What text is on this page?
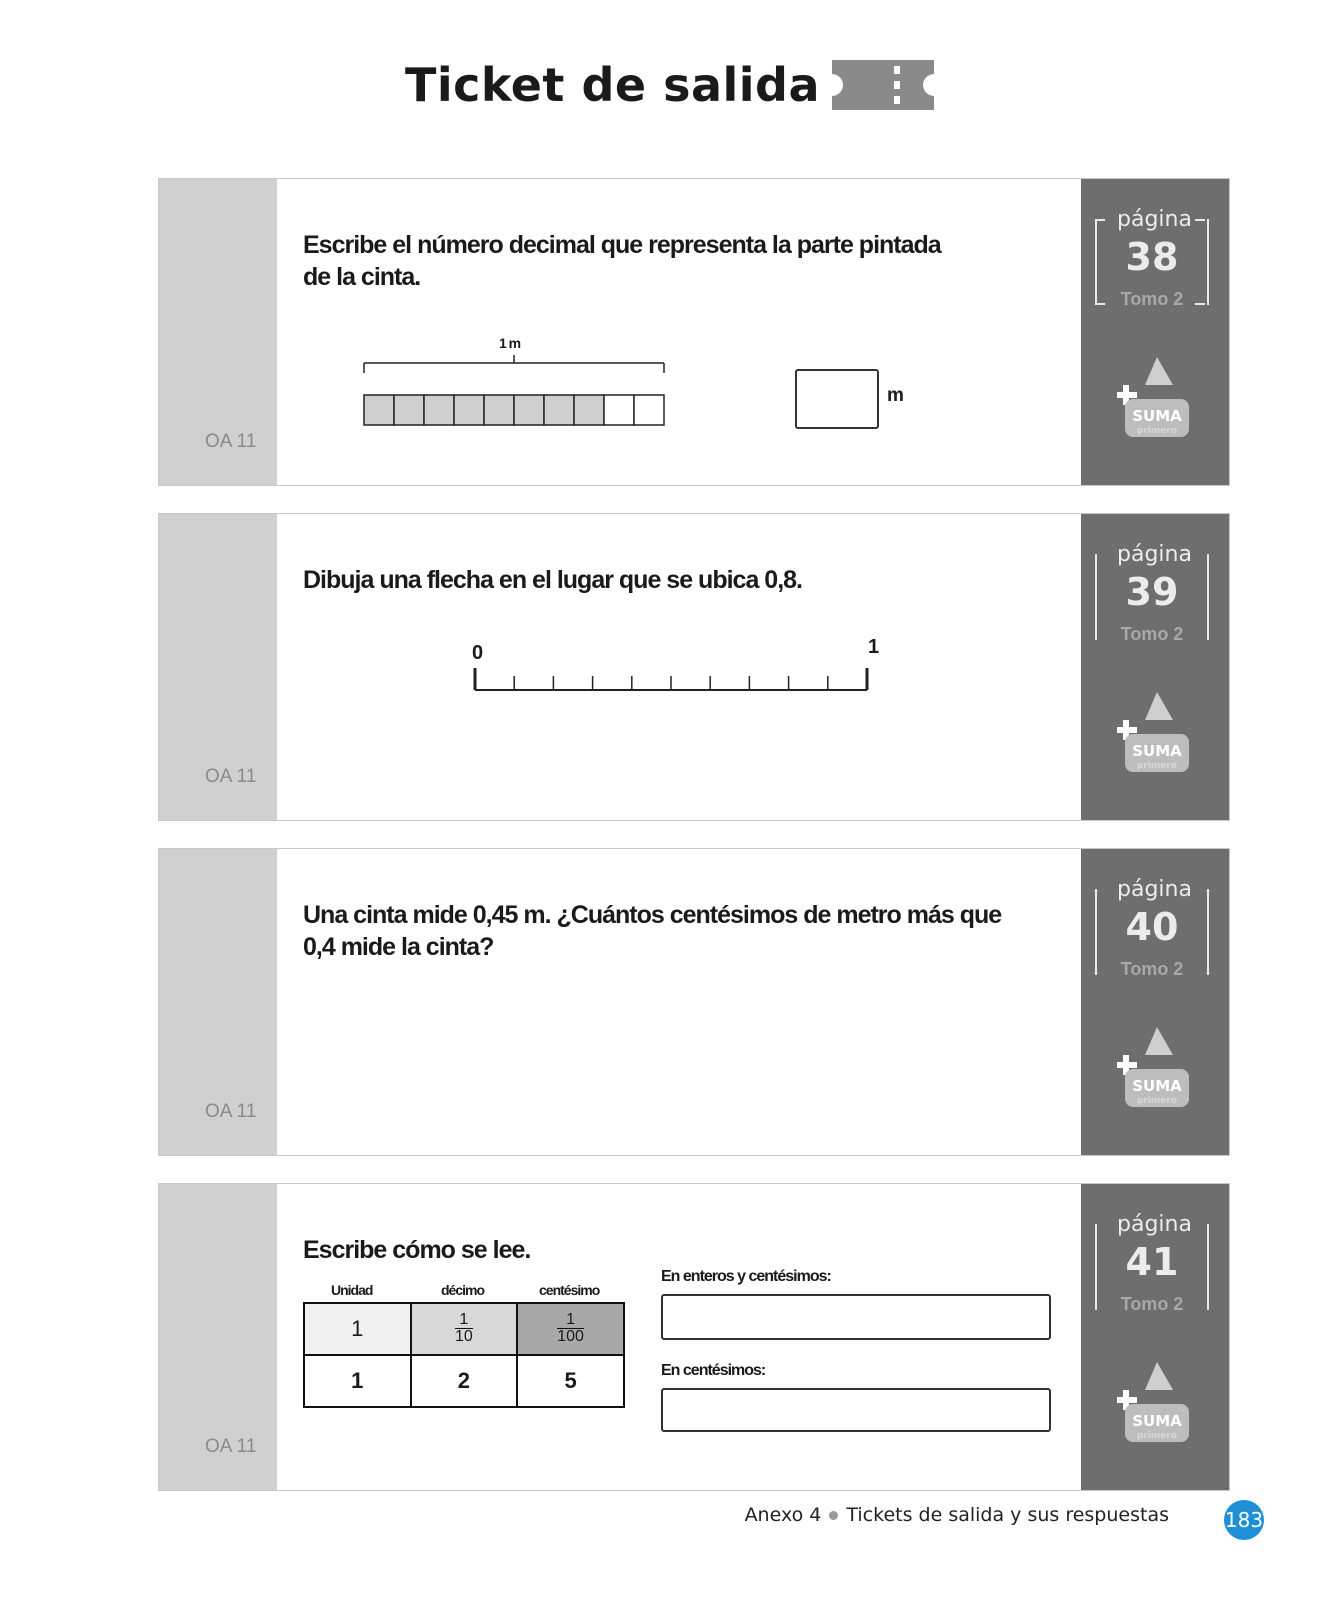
Ticket de salida
OA 11
página
38
Tomo 2
SUMA
primero
Escribe el número decimal que representa la parte pintada
de la cinta.
1 m
m
OA 11
página
39
Tomo 2
SUMA
primero
Dibuja una flecha en el lugar que se ubica 0,8.
0	1
OA 11
página
40
Tomo 2
SUMA
primero
Una cinta mide 0,45 m. ¿Cuántos centésimos de metro más que
0,4 mide la cinta?
OA 11
página
41
Tomo 2
SUMA
primero
Escribe cómo se lee.
Unidad	décimo	centésimo
1	$\frac{1}{10}$	$\frac{1}{100}$
1	2	5
En enteros y centésimos:
En centésimos:
Anexo 4 Tickets de salida y sus respuestas	183
